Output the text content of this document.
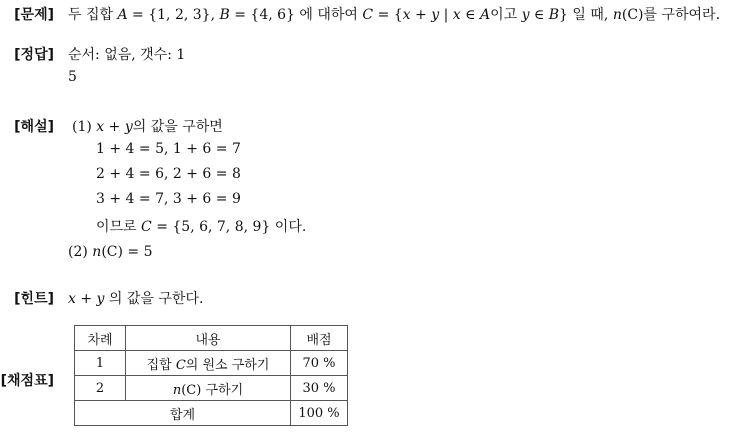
[문제] 두 집합 A = {1, 2, 3}, B = {4, 6} 에 대하여 C = {x + y | x ∈ A이고 y ∈ B} 일 때, n(C)를 구하여라.
[정답] 순서: 없음, 갯수: 1
5
[해설] (1) x + y의 값을 구하면
1 + 4 = 5, 1 + 6 = 7
2 + 4 = 6, 2 + 6 = 8
3 + 4 = 7, 3 + 6 = 9
이므로 C = {5, 6, 7, 8, 9} 이다.
(2) n(C) = 5
[힌트] x + y 의 값을 구한다.
[채점표]
차례	내용	배점
1	집합 C의 원소 구하기	70 %
2	n(C) 구하기	30 %
합계		100 %
